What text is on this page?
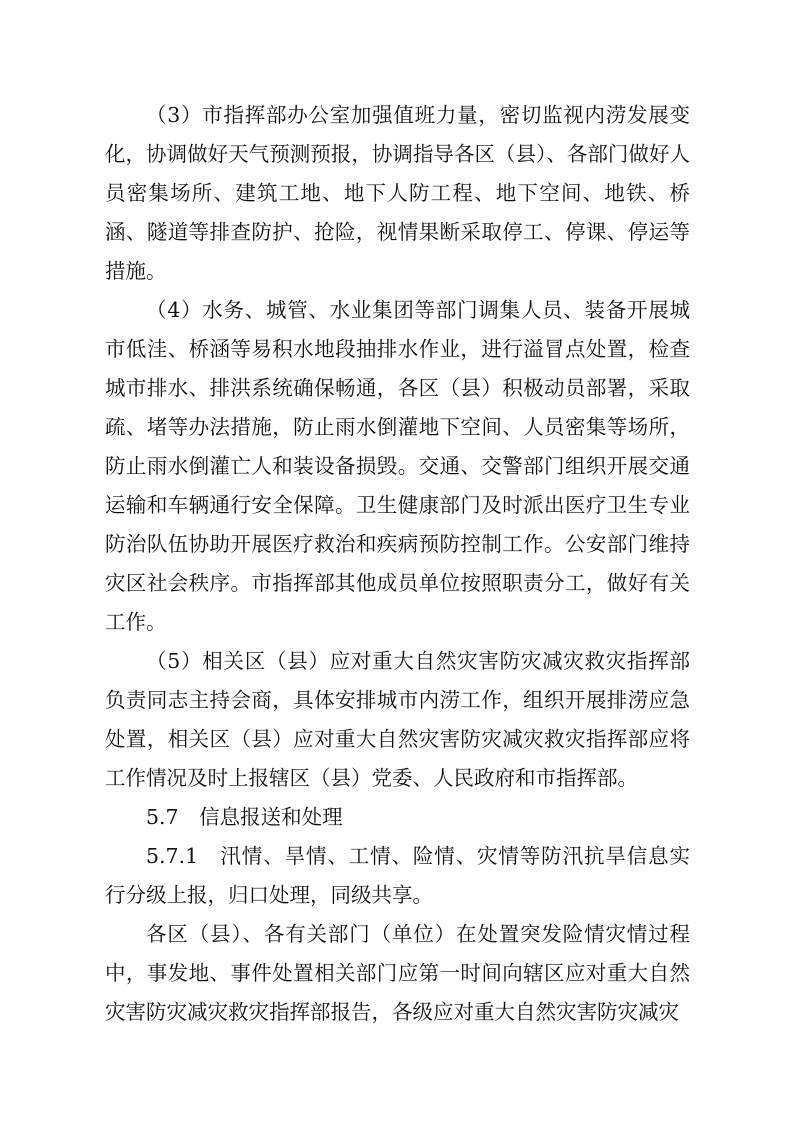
（3）市指挥部办公室加强值班力量，密切监视内涝发展变化，协调做好天气预测预报，协调指导各区（县）、各部门做好人员密集场所、建筑工地、地下人防工程、地下空间、地铁、桥涵、隧道等排查防护、抢险，视情果断采取停工、停课、停运等措施。

（4）水务、城管、水业集团等部门调集人员、装备开展城市低洼、桥涵等易积水地段抽排水作业，进行溢冒点处置，检查城市排水、排洪系统确保畅通，各区（县）积极动员部署，采取疏、堵等办法措施，防止雨水倒灌地下空间、人员密集等场所，防止雨水倒灌亡人和装设备损毁。交通、交警部门组织开展交通运输和车辆通行安全保障。卫生健康部门及时派出医疗卫生专业防治队伍协助开展医疗救治和疾病预防控制工作。公安部门维持灾区社会秩序。市指挥部其他成员单位按照职责分工，做好有关工作。

（5）相关区（县）应对重大自然灾害防灾减灾救灾指挥部负责同志主持会商，具体安排城市内涝工作，组织开展排涝应急处置，相关区（县）应对重大自然灾害防灾减灾救灾指挥部应将工作情况及时上报辖区（县）党委、人民政府和市指挥部。

5.7　信息报送和处理

5.7.1　汛情、旱情、工情、险情、灾情等防汛抗旱信息实行分级上报，归口处理，同级共享。

各区（县）、各有关部门（单位）在处置突发险情灾情过程中，事发地、事件处置相关部门应第一时间向辖区应对重大自然灾害防灾减灾救灾指挥部报告，各级应对重大自然灾害防灾减灾
